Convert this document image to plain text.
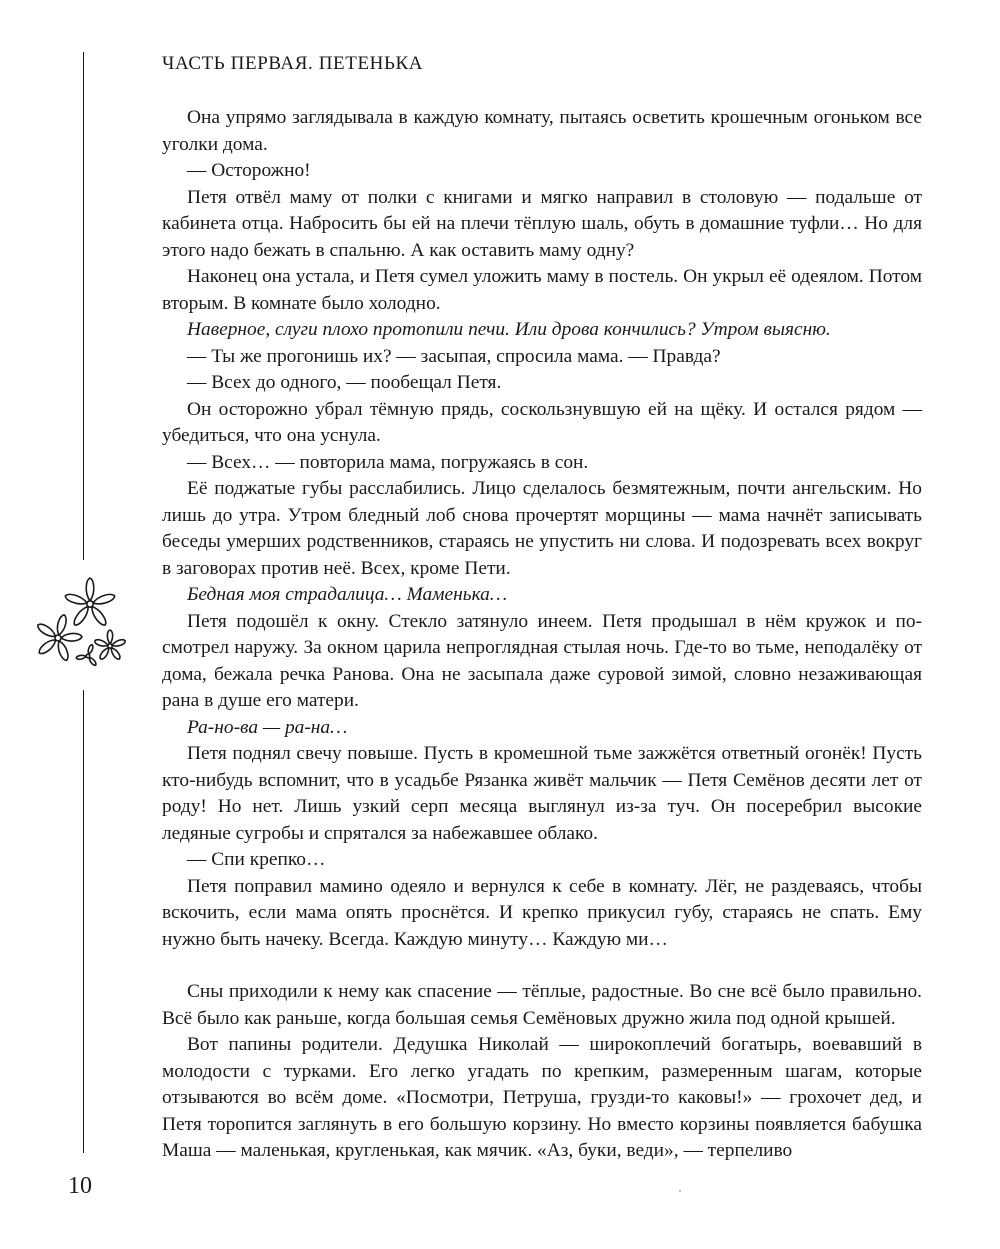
ЧАСТЬ ПЕРВАЯ. ПЕТЕНЬКА

Она упрямо заглядывала в каждую комнату, пытаясь осветить крошечным огоньком все уголки дома.

— Осторожно!

Петя отвёл маму от полки с книгами и мягко направил в столовую — подальше от кабинета отца. Набросить бы ей на плечи тёплую шаль, обуть в домашние туфли… Но для этого надо бежать в спальню. А как оставить маму одну?

Наконец она устала, и Петя сумел уложить маму в постель. Он укрыл её одеялом. Потом вторым. В комнате было холодно.

Наверное, слуги плохо протопили печи. Или дрова кончились? Утром выясню.

— Ты же прогонишь их? — засыпая, спросила мама. — Правда?

— Всех до одного, — пообещал Петя.

Он осторожно убрал тёмную прядь, соскользнувшую ей на щёку. И остался рядом — убедиться, что она уснула.

— Всех… — повторила мама, погружаясь в сон.

Её поджатые губы расслабились. Лицо сделалось безмятежным, почти ангельским. Но лишь до утра. Утром бледный лоб снова прочертят морщины — мама начнёт записывать беседы умерших родственников, стараясь не упустить ни слова. И подозревать всех вокруг в заговорах против неё. Всех, кроме Пети.

Бедная моя страдалица… Маменька…

Петя подошёл к окну. Стекло затянуло инеем. Петя продышал в нём кружок и посмотрел наружу. За окном царила непроглядная стылая ночь. Где-то во тьме, неподалёку от дома, бежала речка Ранова. Она не засыпала даже суровой зимой, словно незаживающая рана в душе его матери.

Ра-но-ва — ра-на…

Петя поднял свечу повыше. Пусть в кромешной тьме зажжётся ответный огонёк! Пусть кто-нибудь вспомнит, что в усадьбе Рязанка живёт мальчик — Петя Семёнов десяти лет от роду! Но нет. Лишь узкий серп месяца выглянул из-за туч. Он посеребрил высокие ледяные сугробы и спрятался за набежавшее облако.

— Спи крепко…

Петя поправил мамино одеяло и вернулся к себе в комнату. Лёг, не раздеваясь, чтобы вскочить, если мама опять проснётся. И крепко прикусил губу, стараясь не спать. Ему нужно быть начеку. Всегда. Каждую минуту… Каждую ми…

Сны приходили к нему как спасение — тёплые, радостные. Во сне всё было правильно. Всё было как раньше, когда большая семья Семёновых дружно жила под одной крышей.

Вот папины родители. Дедушка Николай — широкоплечий богатырь, воевавший в молодости с турками. Его легко угадать по крепким, размеренным шагам, которые отзываются во всём доме. «Посмотри, Петруша, грузди-то каковы!» — грохочет дед, и Петя торопится заглянуть в его большую корзину. Но вместо корзины появляется бабушка Маша — маленькая, кругленькая, как мячик. «Аз, буки, веди», — терпеливо

10
